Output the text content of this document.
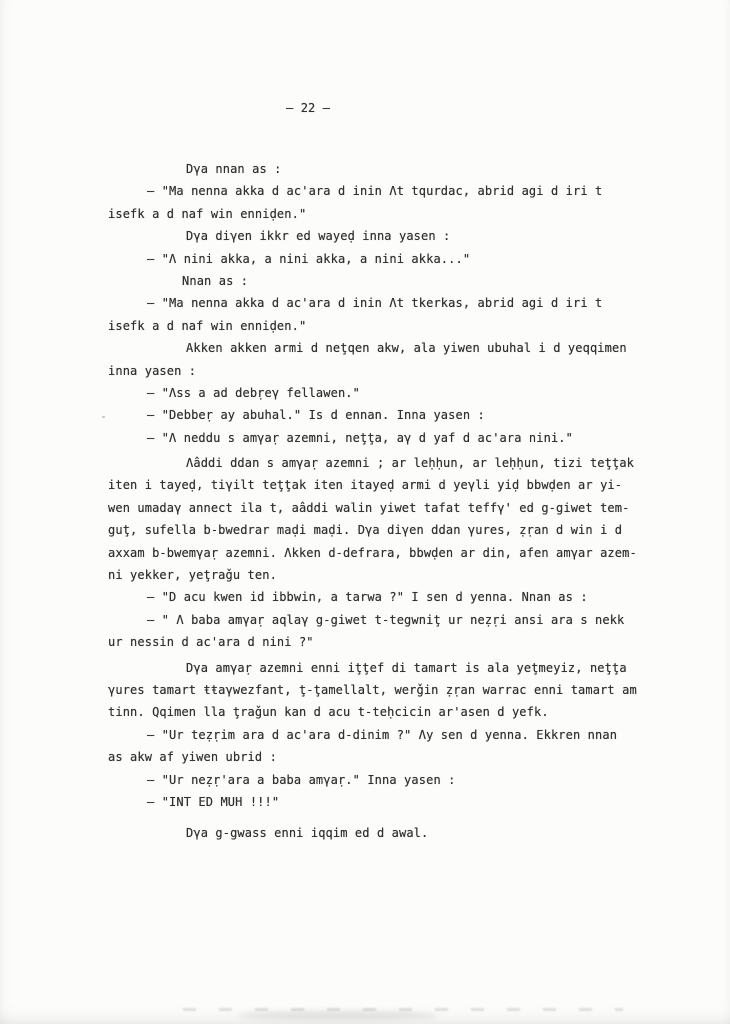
– 22 –
Dγa nnan as :
– "Ma nenna akka d ac'ara d inin Λt tqurdac, abrid agi d iri t
isefk a d naf win enniḍen."
Dγa diγen ikkr ed wayeḍ inna yasen :
– "Λ nini akka, a nini akka, a nini akka..."
Nnan as :
– "Ma nenna akka d ac'ara d inin Λt tkerkas, abrid agi d iri t
isefk a d naf win enniḍen."
Akken akken armi d neţqen akw, ala yiwen ubuhal i d yeqqimen
inna yasen :
– "Λss a ad debṛeγ fellawen."
– "Debbeṛ ay abuhal." Is d ennan. Inna yasen :
– "Λ neddu s amγaṛ azemni, neţţa, aγ d yaf d ac'ara nini."
Λâddi ddan s amγaṛ azemni ; ar leḥḥun, ar leḥḥun, tizi teţţak
iten i tayeḍ, tiγilt teţţak iten itayeḍ armi d yeγli yiḍ bbwḍen ar yi-
wen umadaγ annect ila t, aâddi walin yiwet tafat teffγ' ed g-giwet tem-
guţ, sufella b-bwedrar maḍi maḍi. Dγa diγen ddan γures, ẓṛan d win i d
axxam b-bwemγaṛ azemni. Λkken d-defrara, bbwḍen ar din, afen amγar azem-
ni yekker, yeţraǧu ten.
– "D acu kwen id ibbwin, a tarwa ?" I sen d yenna. Nnan as :
– " Λ baba amγaṛ aqlaγ g-giwet t-tegwniţ ur neẓṛi ansi ara s nekk
ur nessin d ac'ara d nini ?"
Dγa amγaṛ azemni enni iţţef di tamart is ala yeţmeyiz, neţţa
γures tamart ŧŧaγwezfant, ţ-ţamellalt, werǧin ẓṛan warrac enni tamart am
tinn. Qqimen lla ţraǧun kan d acu t-teḥcicin ar'asen d yefk.
– "Ur teẓṛim ara d ac'ara d-dinim ?" Λy sen d yenna. Ekkren nnan
as akw af yiwen ubrid :
– "Ur neẓṛ'ara a baba amγaṛ." Inna yasen :
– "INT ED MUH !!!"
Dγa g-gwass enni iqqim ed d awal.
